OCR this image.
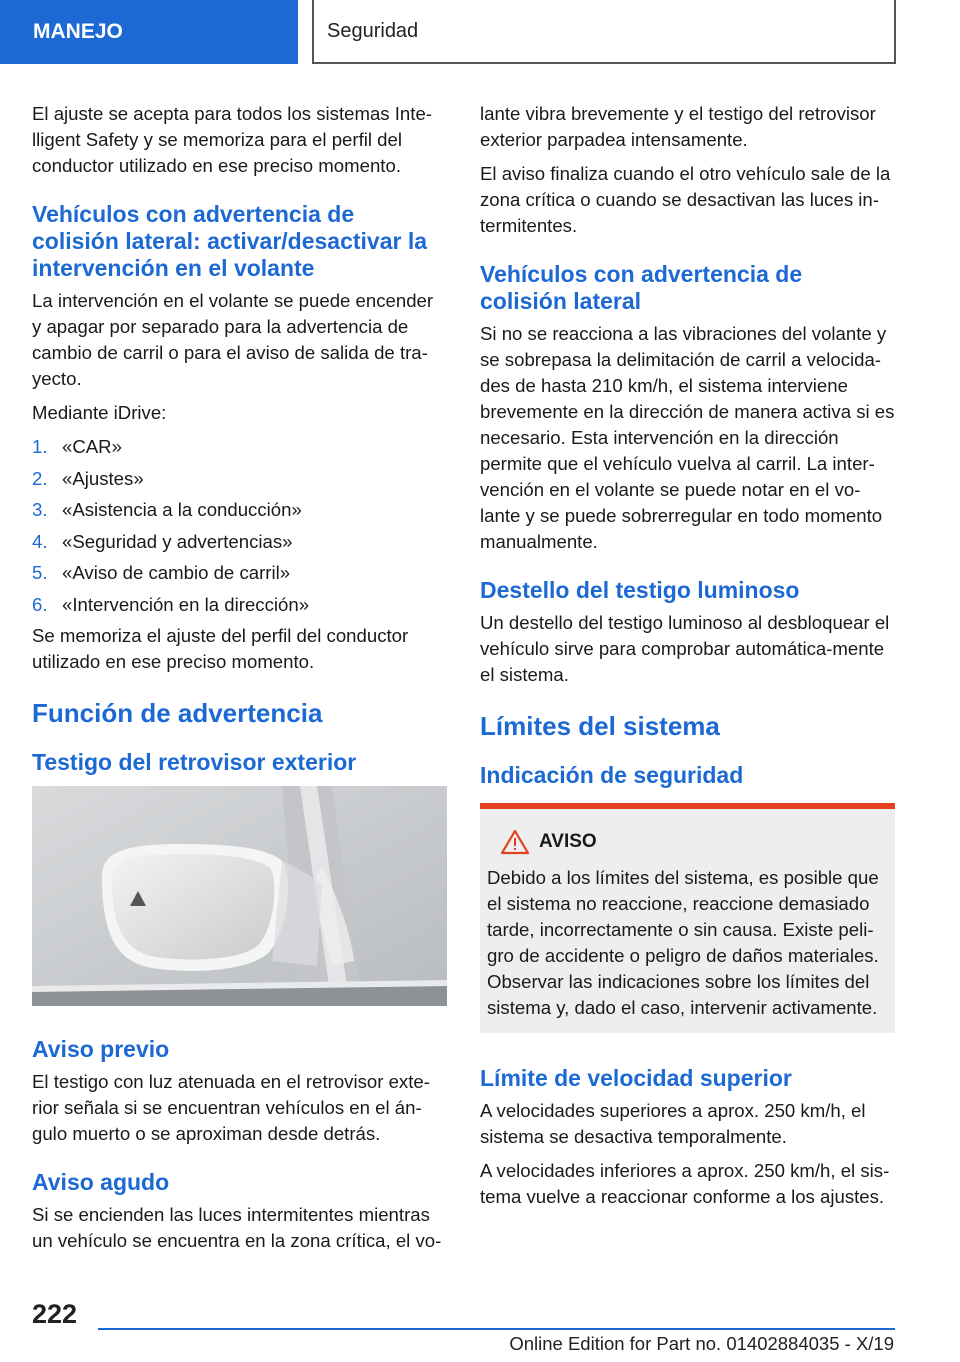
MANEJO	Seguridad

El ajuste se acepta para todos los sistemas Inte‐lligent Safety y se memoriza para el perfil del conductor utilizado en ese preciso momento.

Vehículos con advertencia de colisión lateral: activar/desactivar la intervención en el volante

La intervención en el volante se puede encender y apagar por separado para la advertencia de cambio de carril o para el aviso de salida de tra‐yecto.

Mediante iDrive:

1. «CAR»
2. «Ajustes»
3. «Asistencia a la conducción»
4. «Seguridad y advertencias»
5. «Aviso de cambio de carril»
6. «Intervención en la dirección»

Se memoriza el ajuste del perfil del conductor utilizado en ese preciso momento.

Función de advertencia
Testigo del retrovisor exterior
Aviso previo

El testigo con luz atenuada en el retrovisor exte‐rior señala si se encuentran vehículos en el án‐gulo muerto o se aproximan desde detrás.

Aviso agudo

Si se encienden las luces intermitentes mientras un vehículo se encuentra en la zona crítica, el vo‐

lante vibra brevemente y el testigo del retrovisor exterior parpadea intensamente.

El aviso finaliza cuando el otro vehículo sale de la zona crítica o cuando se desactivan las luces in‐termitentes.

Vehículos con advertencia de colisión lateral

Si no se reacciona a las vibraciones del volante y se sobrepasa la delimitación de carril a velocida‐des de hasta 210 km/h, el sistema interviene brevemente en la dirección de manera activa si es necesario. Esta intervención en la dirección permite que el vehículo vuelva al carril. La inter‐vención en el volante se puede notar en el vo‐lante y se puede sobrerregular en todo momento manualmente.

Destello del testigo luminoso

Un destello del testigo luminoso al desbloquear el vehículo sirve para comprobar automática‐mente el sistema.

Límites del sistema
Indicación de seguridad
AVISO

Debido a los límites del sistema, es posible que el sistema no reaccione, reaccione demasiado tarde, incorrectamente o sin causa. Existe peli‐gro de accidente o peligro de daños materiales. Observar las indicaciones sobre los límites del sistema y, dado el caso, intervenir activamente.

Límite de velocidad superior

A velocidades superiores a aprox. 250 km/h, el sistema se desactiva temporalmente.

A velocidades inferiores a aprox. 250 km/h, el sis‐tema vuelve a reaccionar conforme a los ajustes.

222
Online Edition for Part no. 01402884035 - X/19
